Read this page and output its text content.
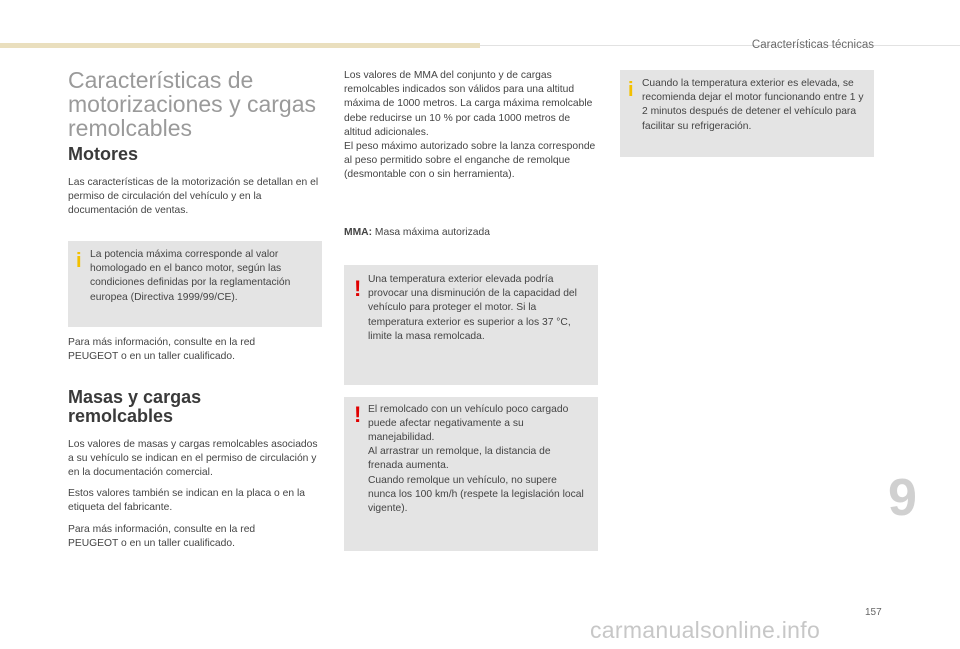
Características técnicas
Características de motorizaciones y cargas remolcables
Motores

Las características de la motorización se detallan en el permiso de circulación del vehículo y en la documentación de ventas.

i La potencia máxima corresponde al valor homologado en el banco motor, según las condiciones definidas por la reglamentación europea (Directiva 1999/99/CE).

Para más información, consulte en la red PEUGEOT o en un taller cualificado.

Masas y cargas remolcables

Los valores de masas y cargas remolcables asociados a su vehículo se indican en el permiso de circulación y en la documentación comercial.

Estos valores también se indican en la placa o en la etiqueta del fabricante.

Para más información, consulte en la red PEUGEOT o en un taller cualificado.

Los valores de MMA del conjunto y de cargas remolcables indicados son válidos para una altitud máxima de 1000 metros. La carga máxima remolcable debe reducirse un 10 % por cada 1000 metros de altitud adicionales.

El peso máximo autorizado sobre la lanza corresponde al peso permitido sobre el enganche de remolque (desmontable con o sin herramienta).

MMA: Masa máxima autorizada

! Una temperatura exterior elevada podría provocar una disminución de la capacidad del vehículo para proteger el motor. Si la temperatura exterior es superior a los 37 °C, limite la masa remolcada.

! El remolcado con un vehículo poco cargado puede afectar negativamente a su manejabilidad.

Al arrastrar un remolque, la distancia de frenada aumenta.

Cuando remolque un vehículo, no supere nunca los 100 km/h (respete la legislación local vigente).

i Cuando la temperatura exterior es elevada, se recomienda dejar el motor funcionando entre 1 y 2 minutos después de detener el vehículo para facilitar su refrigeración.

9
157
carmanualsonline.info
